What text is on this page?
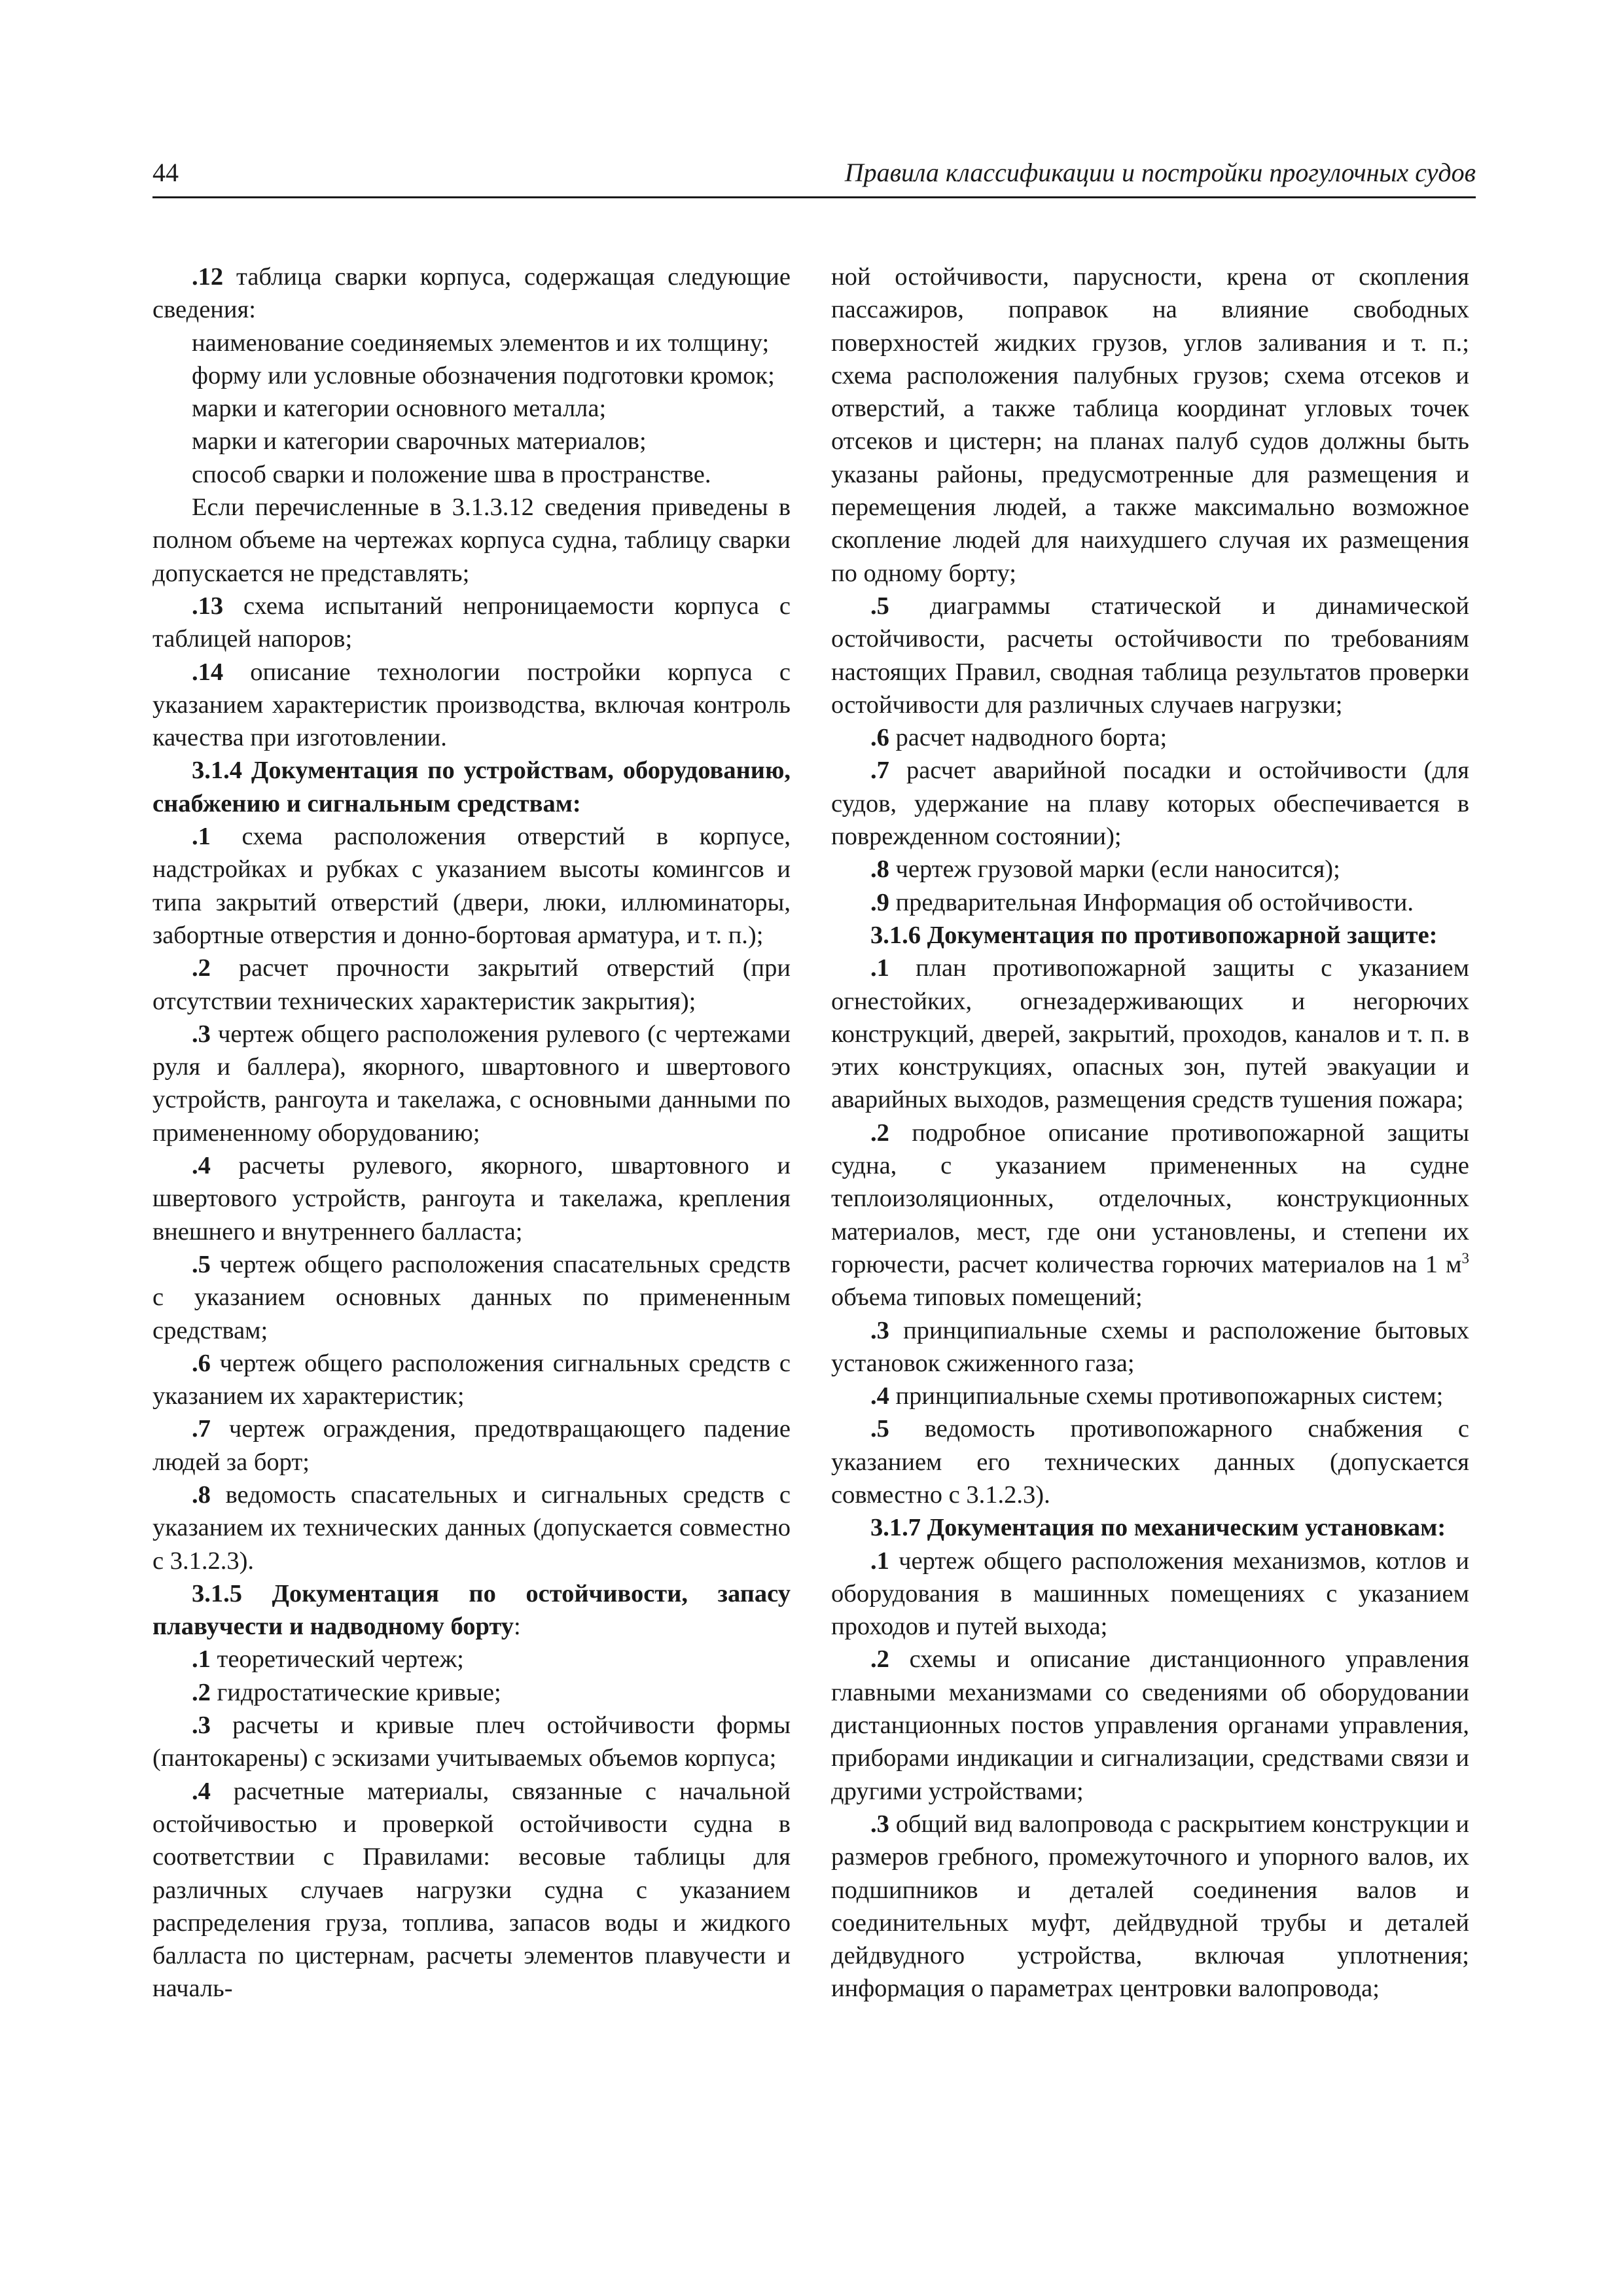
44	Правила классификации и постройки прогулочных судов

.12 таблица сварки корпуса, содержащая следующие сведения:

наименование соединяемых элементов и их толщину;

форму или условные обозначения подготовки кромок;

марки и категории основного металла;

марки и категории сварочных материалов;

способ сварки и положение шва в пространстве.

Если перечисленные в 3.1.3.12 сведения приведены в полном объеме на чертежах корпуса судна, таблицу сварки допускается не представлять;

.13 схема испытаний непроницаемости корпуса с таблицей напоров;

.14 описание технологии постройки корпуса с указанием характеристик производства, включая контроль качества при изготовлении.

3.1.4 Документация по устройствам, оборудованию, снабжению и сигнальным средствам:

.1 схема расположения отверстий в корпусе, надстройках и рубках с указанием высоты комингсов и типа закрытий отверстий (двери, люки, иллюминаторы, забортные отверстия и донно-бортовая арматура, и т. п.);

.2 расчет прочности закрытий отверстий (при отсутствии технических характеристик закрытия);

.3 чертеж общего расположения рулевого (с чертежами руля и баллера), якорного, швартовного и швертового устройств, рангоута и такелажа, с основными данными по примененному оборудованию;

.4 расчеты рулевого, якорного, швартовного и швертового устройств, рангоута и такелажа, крепления внешнего и внутреннего балласта;

.5 чертеж общего расположения спасательных средств с указанием основных данных по примененным средствам;

.6 чертеж общего расположения сигнальных средств с указанием их характеристик;

.7 чертеж ограждения, предотвращающего падение людей за борт;

.8 ведомость спасательных и сигнальных средств с указанием их технических данных (допускается совместно с 3.1.2.3).

3.1.5 Документация по остойчивости, запасу плавучести и надводному борту:

.1 теоретический чертеж;

.2 гидростатические кривые;

.3 расчеты и кривые плеч остойчивости формы (пантокарены) с эскизами учитываемых объемов корпуса;

.4 расчетные материалы, связанные с начальной остойчивостью и проверкой остойчивости судна в соответствии с Правилами: весовые таблицы для различных случаев нагрузки судна с указанием распределения груза, топлива, запасов воды и жидкого балласта по цистернам, расчеты элементов плавучести и началь-

ной остойчивости, парусности, крена от скопления пассажиров, поправок на влияние свободных поверхностей жидких грузов, углов заливания и т. п.; схема расположения палубных грузов; схема отсеков и отверстий, а также таблица координат угловых точек отсеков и цистерн; на планах палуб судов должны быть указаны районы, предусмотренные для размещения и перемещения людей, а также максимально возможное скопление людей для наихудшего случая их размещения по одному борту;

.5 диаграммы статической и динамической остойчивости, расчеты остойчивости по требованиям настоящих Правил, сводная таблица результатов проверки остойчивости для различных случаев нагрузки;

.6 расчет надводного борта;

.7 расчет аварийной посадки и остойчивости (для судов, удержание на плаву которых обеспечивается в поврежденном состоянии);

.8 чертеж грузовой марки (если наносится);

.9 предварительная Информация об остойчивости.

3.1.6 Документация по противопожарной защите:

.1 план противопожарной защиты с указанием огнестойких, огнезадерживающих и негорючих конструкций, дверей, закрытий, проходов, каналов и т. п. в этих конструкциях, опасных зон, путей эвакуации и аварийных выходов, размещения средств тушения пожара;

.2 подробное описание противопожарной защиты судна, с указанием примененных на судне теплоизоляционных, отделочных, конструкционных материалов, мест, где они установлены, и степени их горючести, расчет количества горючих материалов на 1 $м^3$ объема типовых помещений;

.3 принципиальные схемы и расположение бытовых установок сжиженного газа;

.4 принципиальные схемы противопожарных систем;

.5 ведомость противопожарного снабжения с указанием его технических данных (допускается совместно с 3.1.2.3).

3.1.7 Документация по механическим установкам:

.1 чертеж общего расположения механизмов, котлов и оборудования в машинных помещениях с указанием проходов и путей выхода;

.2 схемы и описание дистанционного управления главными механизмами со сведениями об оборудовании дистанционных постов управления органами управления, приборами индикации и сигнализации, средствами связи и другими устройствами;

.3 общий вид валопровода с раскрытием конструкции и размеров гребного, промежуточного и упорного валов, их подшипников и деталей соединения валов и соединительных муфт, дейдвудной трубы и деталей дейдвудного устройства, включая уплотнения; информация о параметрах центровки валопровода;
